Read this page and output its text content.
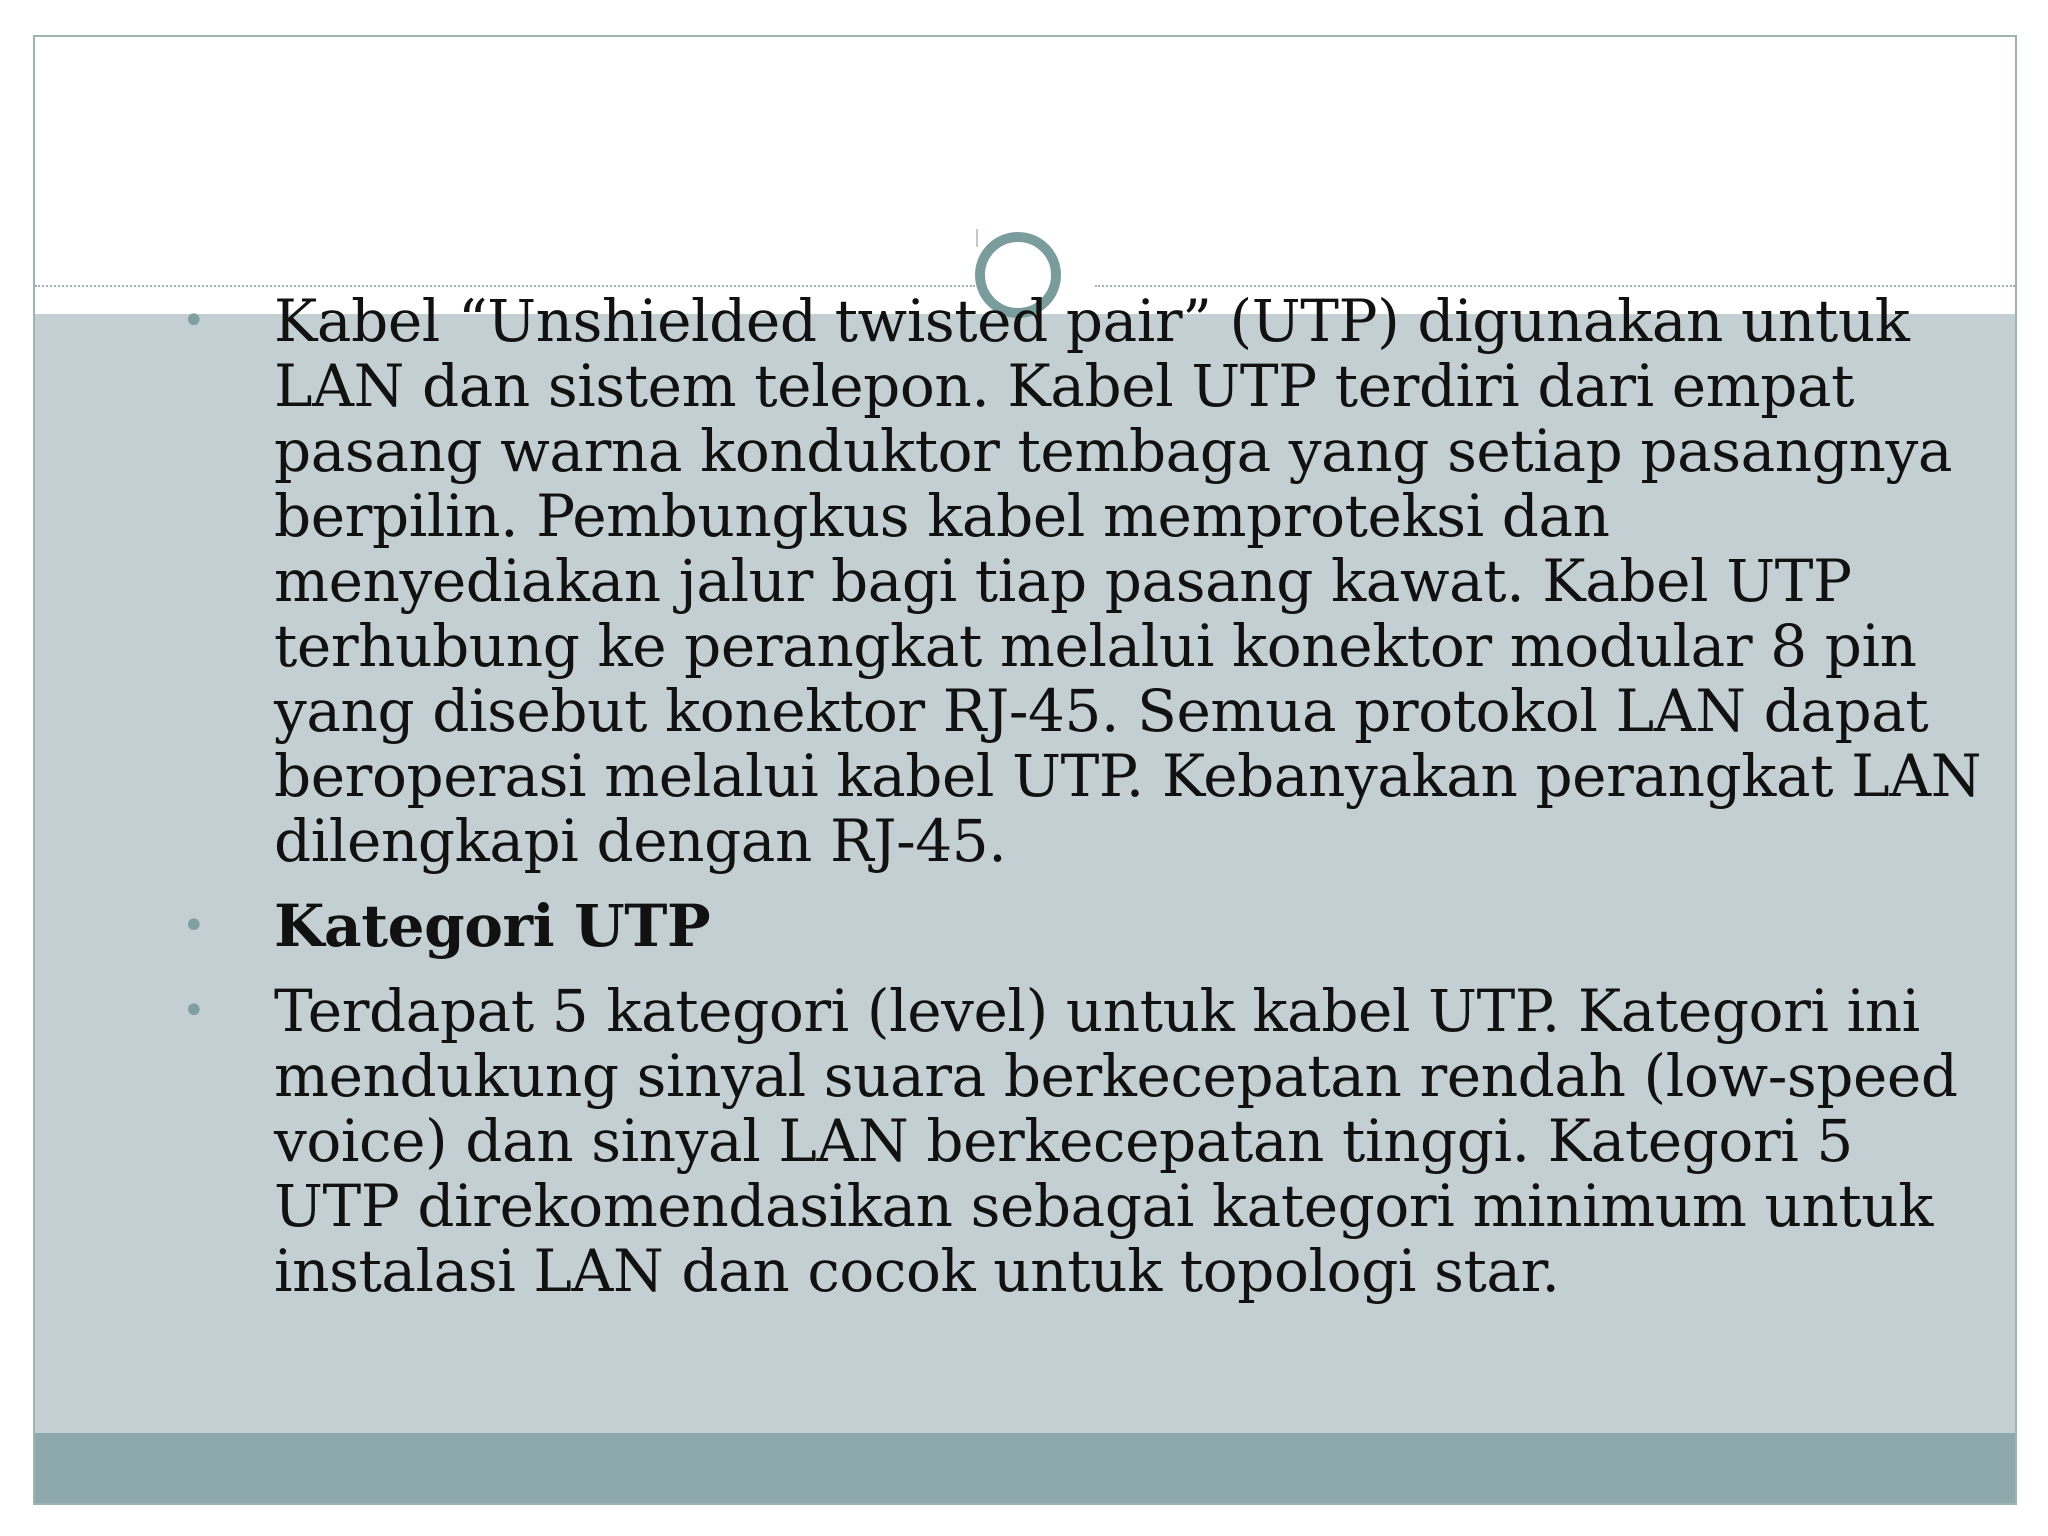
• Kabel “Unshielded twisted pair” (UTP) digunakan untuk LAN dan sistem telepon. Kabel UTP terdiri dari empat pasang warna konduktor tembaga yang setiap pasangnya berpilin. Pembungkus kabel memproteksi dan menyediakan jalur bagi tiap pasang kawat. Kabel UTP terhubung ke perangkat melalui konektor modular 8 pin yang disebut konektor RJ-45. Semua protokol LAN dapat beroperasi melalui kabel UTP. Kebanyakan perangkat LAN dilengkapi dengan RJ-45.
• Kategori UTP
• Terdapat 5 kategori (level) untuk kabel UTP. Kategori ini mendukung sinyal suara berkecepatan rendah (low-speed voice) dan sinyal LAN berkecepatan tinggi. Kategori 5 UTP direkomendasikan sebagai kategori minimum untuk instalasi LAN dan cocok untuk topologi star.
